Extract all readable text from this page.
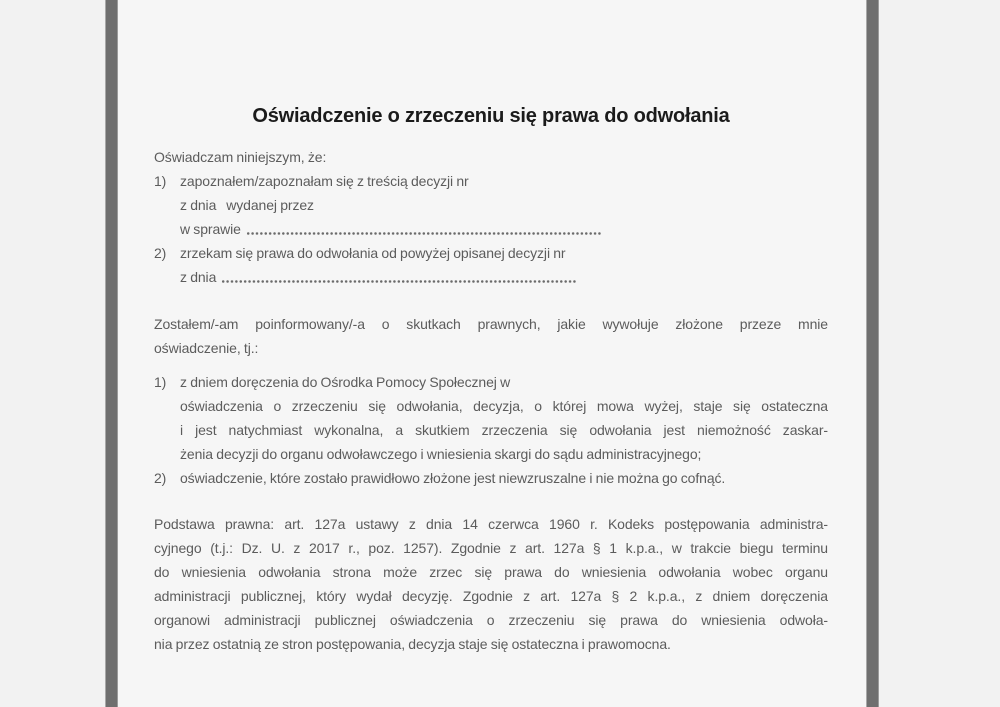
Oświadczenie o zrzeczeniu się prawa do odwołania
Oświadczam niniejszym, że:
1) zapoznałem/zapoznałam się z treścią decyzji nr
z dnia wydanej przez
w sprawie
2) zrzekam się prawa do odwołania od powyżej opisanej decyzji nr
z dnia
Zostałem/-am poinformowany/-a o skutkach prawnych, jakie wywołuje złożone przeze mnie
oświadczenie, tj.:
1) z dniem doręczenia do Ośrodka Pomocy Społecznej w
oświadczenia o zrzeczeniu się odwołania, decyzja, o której mowa wyżej, staje się ostateczna
i jest natychmiast wykonalna, a skutkiem zrzeczenia się odwołania jest niemożność zaskar-
żenia decyzji do organu odwoławczego i wniesienia skargi do sądu administracyjnego;
2) oświadczenie, które zostało prawidłowo złożone jest niewzruszalne i nie można go cofnąć.
Podstawa prawna: art. 127a ustawy z dnia 14 czerwca 1960 r. Kodeks postępowania administra-
cyjnego (t.j.: Dz. U. z 2017 r., poz. 1257). Zgodnie z art. 127a § 1 k.p.a., w trakcie biegu terminu
do wniesienia odwołania strona może zrzec się prawa do wniesienia odwołania wobec organu
administracji publicznej, który wydał decyzję. Zgodnie z art. 127a § 2 k.p.a., z dniem doręczenia
organowi administracji publicznej oświadczenia o zrzeczeniu się prawa do wniesienia odwoła-
nia przez ostatnią ze stron postępowania, decyzja staje się ostateczna i prawomocna.
